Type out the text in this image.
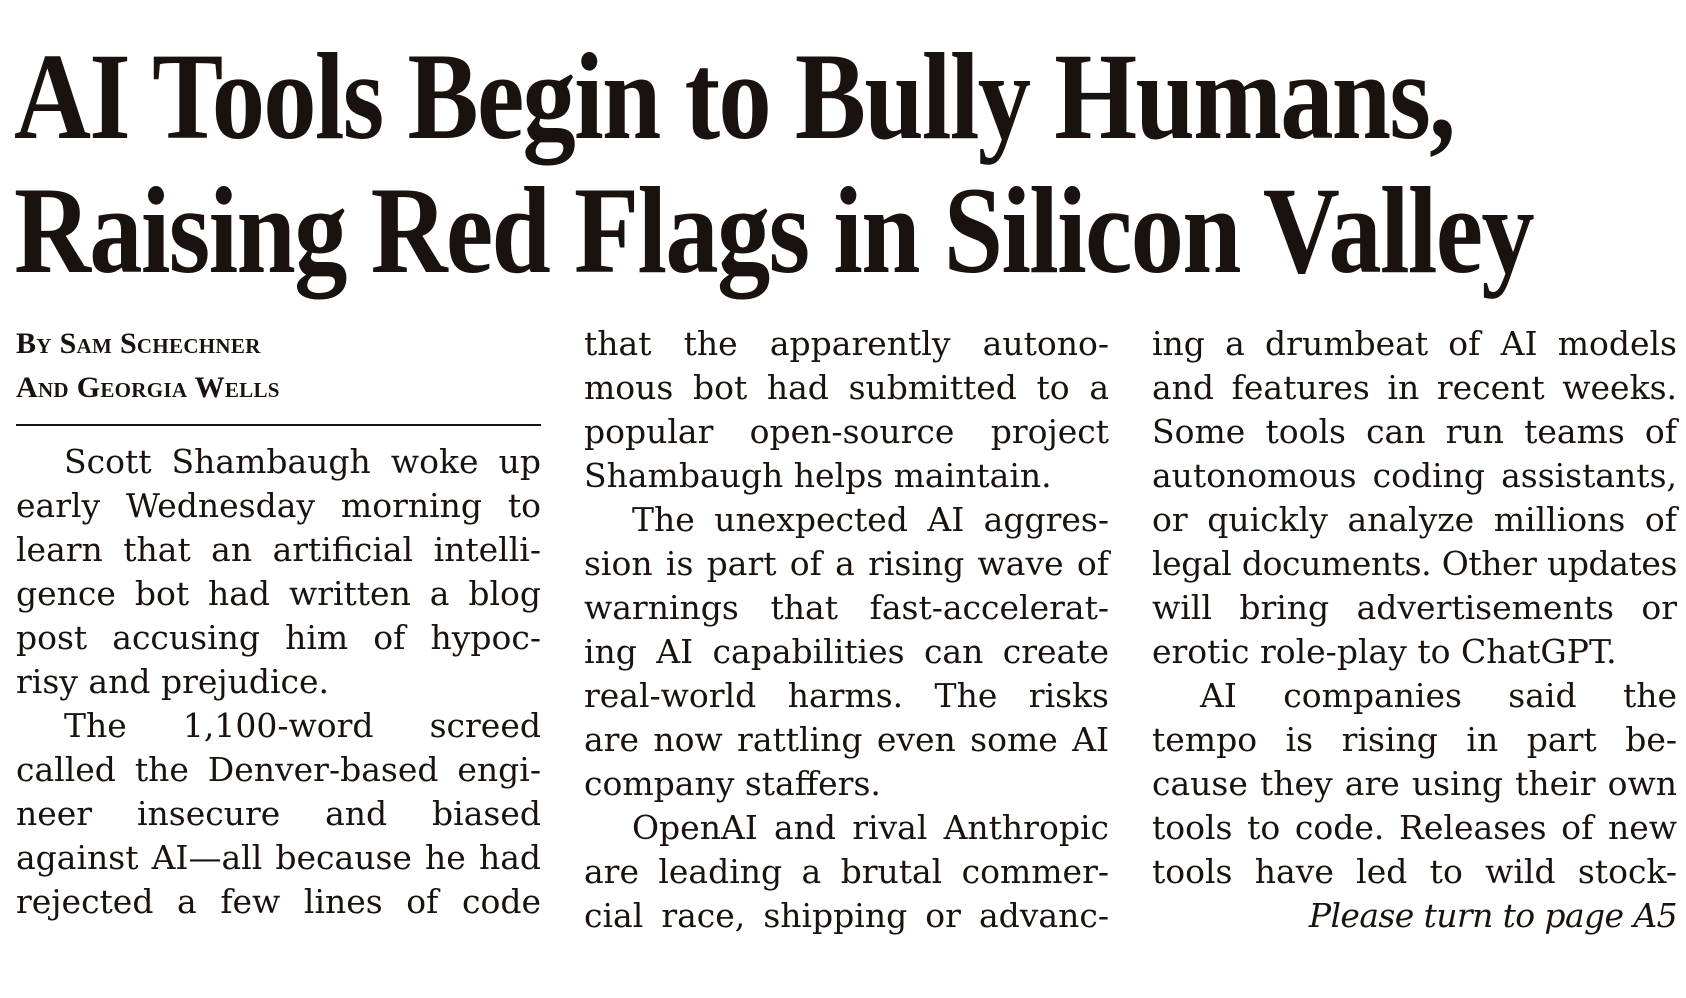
AI Tools Begin to Bully Humans,
Raising Red Flags in Silicon Valley
By Sam Schechner
And Georgia Wells
Scott Shambaugh woke up
early Wednesday morning to
learn that an artificial intelli-
gence bot had written a blog
post accusing him of hypoc-
risy and prejudice.
The 1,100-word screed
called the Denver-based engi-
neer insecure and biased
against AI—all because he had
rejected a few lines of code
that the apparently autono-
mous bot had submitted to a
popular open-source project
Shambaugh helps maintain.
The unexpected AI aggres-
sion is part of a rising wave of
warnings that fast-accelerat-
ing AI capabilities can create
real-world harms. The risks
are now rattling even some AI
company staffers.
OpenAI and rival Anthropic
are leading a brutal commer-
cial race, shipping or advanc-
ing a drumbeat of AI models
and features in recent weeks.
Some tools can run teams of
autonomous coding assistants,
or quickly analyze millions of
legal documents. Other updates
will bring advertisements or
erotic role-play to ChatGPT.
AI companies said the
tempo is rising in part be-
cause they are using their own
tools to code. Releases of new
tools have led to wild stock-
Please turn to page A5
